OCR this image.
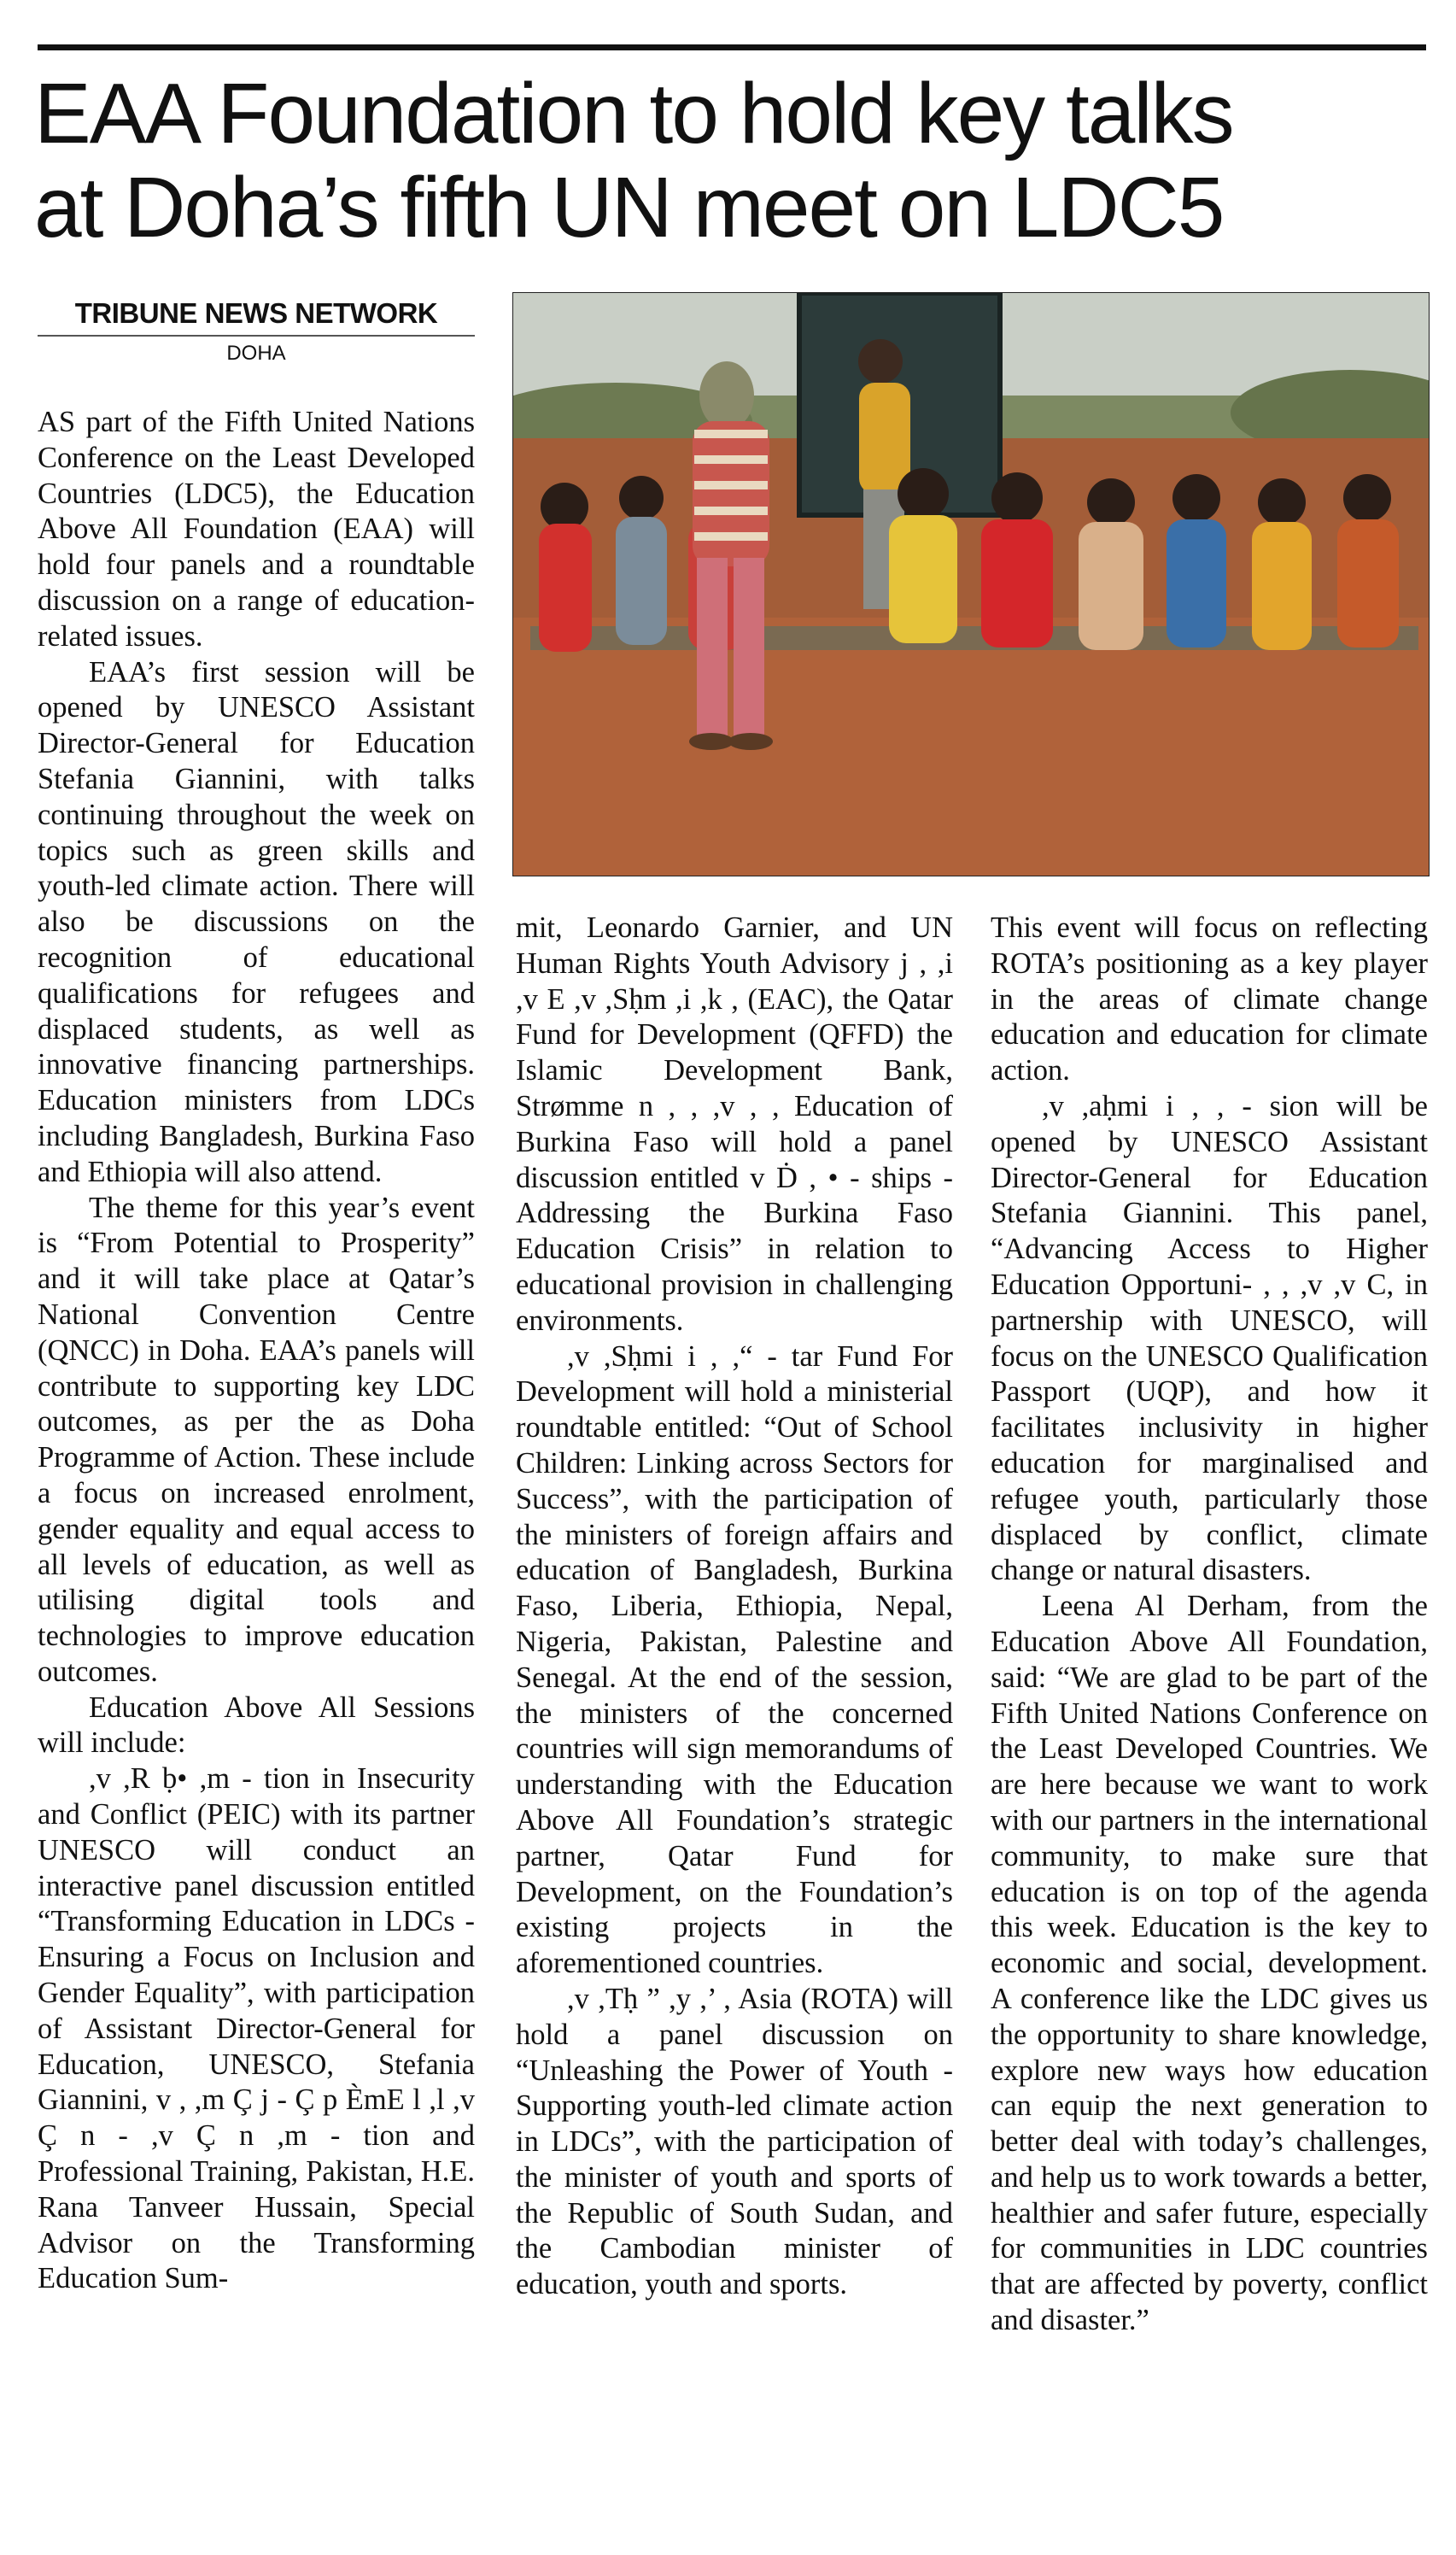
EAA Foundation to hold key talks
at Doha’s fifth UN meet on LDC5
TRIBUNE NEWS NETWORK
DOHA

AS part of the Fifth United Nations Conference on the Least Developed Countries (LDC5), the Education Above All Foundation (EAA) will hold four panels and a roundtable discussion on a range of education-related issues.

EAA’s first session will be opened by UNESCO Assistant Director-General for Education Stefania Giannini, with talks continuing throughout the week on topics such as green skills and youth-led climate action. There will also be discussions on the recognition of educational qualifications for refugees and displaced students, as well as innovative financing partnerships. Education ministers from LDCs including Bangladesh, Burkina Faso and Ethiopia will also attend.

The theme for this year’s event is “From Potential to Prosperity” and it will take place at Qatar’s National Convention Centre (QNCC) in Doha. EAA’s panels will contribute to supporting key LDC outcomes, as per the as Doha Programme of Action. These include a focus on increased enrolment, gender equality and equal access to all levels of education, as well as utilising digital tools and technologies to improve education outcomes.

Education Above All Sessions will include:

,v ,R ḅ• ,m - tion in Insecurity and Conflict (PEIC) with its partner UNESCO will conduct an interactive panel discussion entitled “Transforming Education in LDCs - Ensuring a Focus on Inclusion and Gender Equality”, with participation of Assistant Director-General for Education, UNESCO, Stefania Giannini, v , ,m Ç j - Ç p ÈmE l ,l ,v Ç n - ,v Ç n ,m - tion and Professional Training, Pakistan, H.E. Rana Tanveer Hussain, Special Advisor on the Transforming Education Sum-

mit, Leonardo Garnier, and UN Human Rights Youth Advisory j , ,i ,v E ,v ,Sḥm ,i ,k , (EAC), the Qatar Fund for Development (QFFD) the Islamic Development Bank, Strømme n , , ,v , , Education of Burkina Faso will hold a panel discussion entitled v Ḋ , • - ships - Addressing the Burkina Faso Education Crisis” in relation to educational provision in challenging environments.

,v ,Sḥmi i , ,“ - tar Fund For Development will hold a ministerial roundtable entitled: “Out of School Children: Linking across Sectors for Success”, with the participation of the ministers of foreign affairs and education of Bangladesh, Burkina Faso, Liberia, Ethiopia, Nepal, Nigeria, Pakistan, Palestine and Senegal. At the end of the session, the ministers of the concerned countries will sign memorandums of understanding with the Education Above All Foundation’s strategic partner, Qatar Fund for Development, on the Foundation’s existing projects in the aforementioned countries.

,v ,Tḥ ” ,y ,’ , Asia (ROTA) will hold a panel discussion on “Unleashing the Power of Youth - Supporting youth-led climate action in LDCs”, with the participation of the minister of youth and sports of the Republic of South Sudan, and the Cambodian minister of education, youth and sports.

This event will focus on reflecting ROTA’s positioning as a key player in the areas of climate change education and education for climate action.

,v ,aḥmi i , , - sion will be opened by UNESCO Assistant Director-General for Education Stefania Giannini. This panel, “Advancing Access to Higher Education Opportuni- , , ,v ,v C, in partnership with UNESCO, will focus on the UNESCO Qualification Passport (UQP), and how it facilitates inclusivity in higher education for marginalised and refugee youth, particularly those displaced by conflict, climate change or natural disasters.

Leena Al Derham, from the Education Above All Foundation, said: “We are glad to be part of the Fifth United Nations Conference on the Least Developed Countries. We are here because we want to work with our partners in the international community, to make sure that education is on top of the agenda this week. Education is the key to economic and social, development. A conference like the LDC gives us the opportunity to share knowledge, explore new ways how education can equip the next generation to better deal with today’s challenges, and help us to work towards a better, healthier and safer future, especially for communities in LDC countries that are affected by poverty, conflict and disaster.”
